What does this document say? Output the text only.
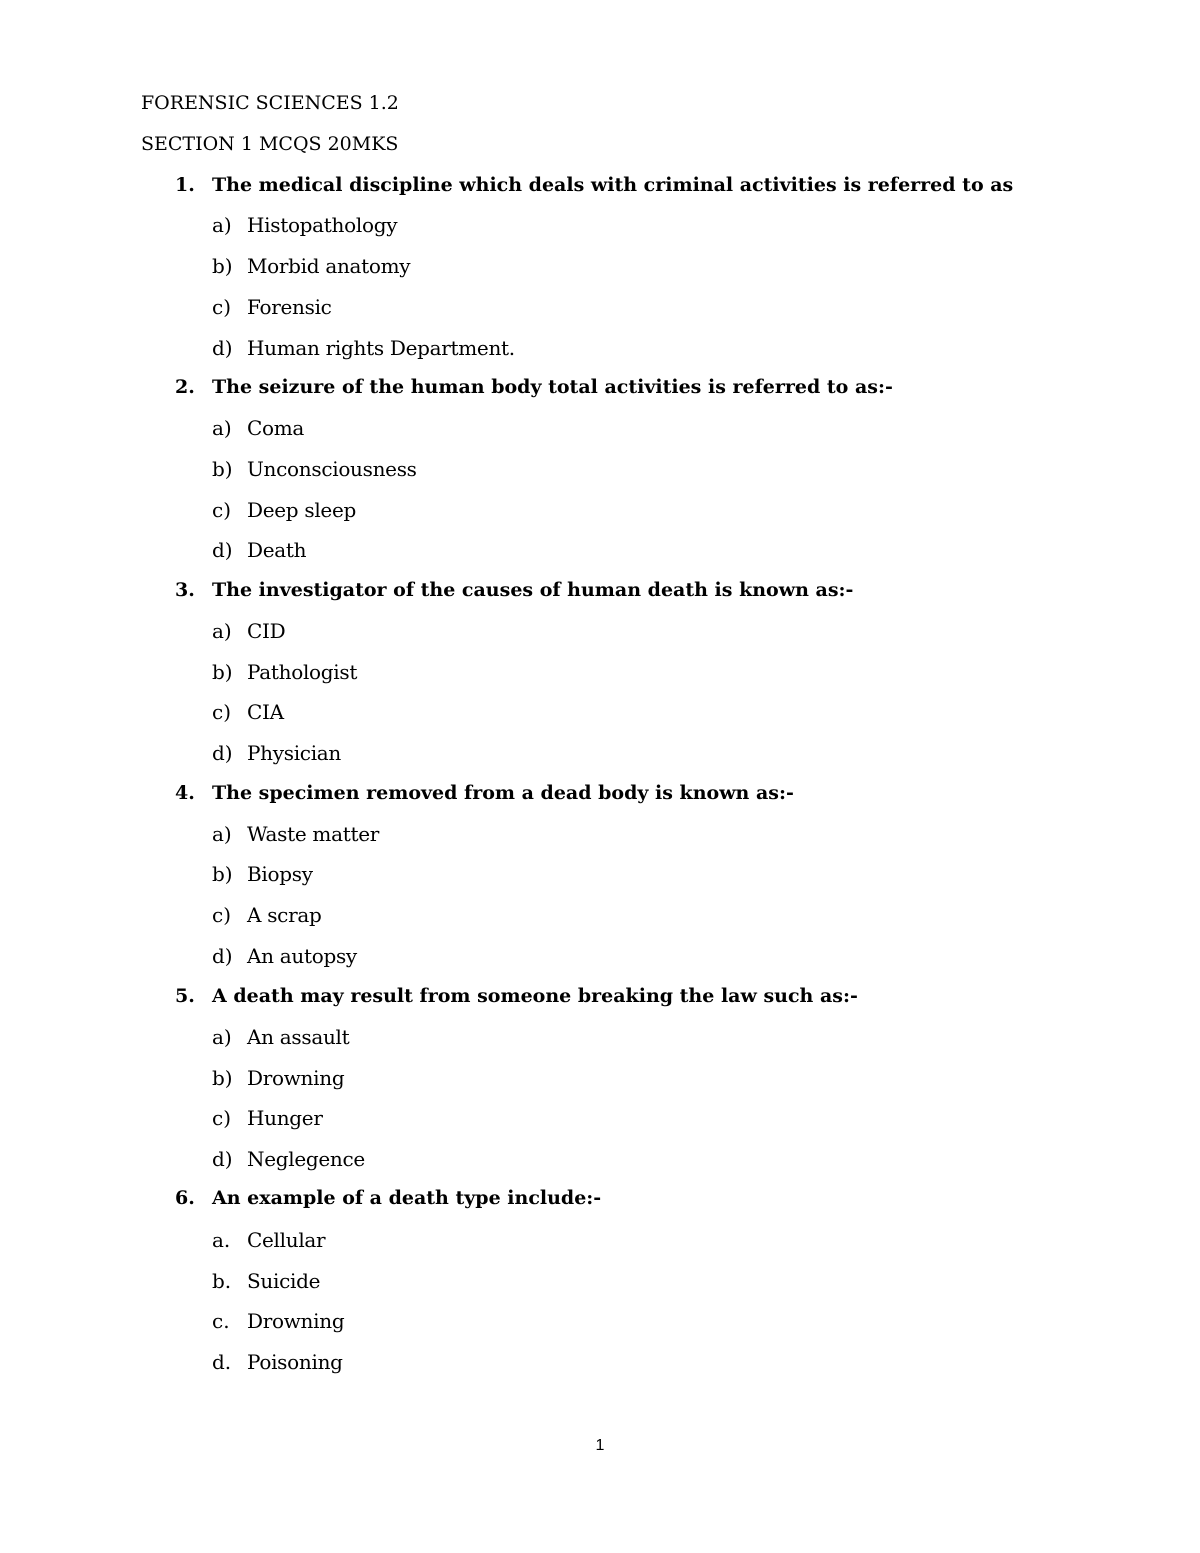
FORENSIC SCIENCES 1.2
SECTION 1 MCQS 20MKS
1. The medical discipline which deals with criminal activities is referred to as
a) Histopathology
b) Morbid anatomy
c) Forensic
d) Human rights Department.
2. The seizure of the human body total activities is referred to as:-
a) Coma
b) Unconsciousness
c) Deep sleep
d) Death
3. The investigator of the causes of human death is known as:-
a) CID
b) Pathologist
c) CIA
d) Physician
4. The specimen removed from a dead body is known as:-
a) Waste matter
b) Biopsy
c) A scrap
d) An autopsy
5. A death may result from someone breaking the law such as:-
a) An assault
b) Drowning
c) Hunger
d) Neglegence
6. An example of a death type include:-
a. Cellular
b. Suicide
c. Drowning
d. Poisoning
1
